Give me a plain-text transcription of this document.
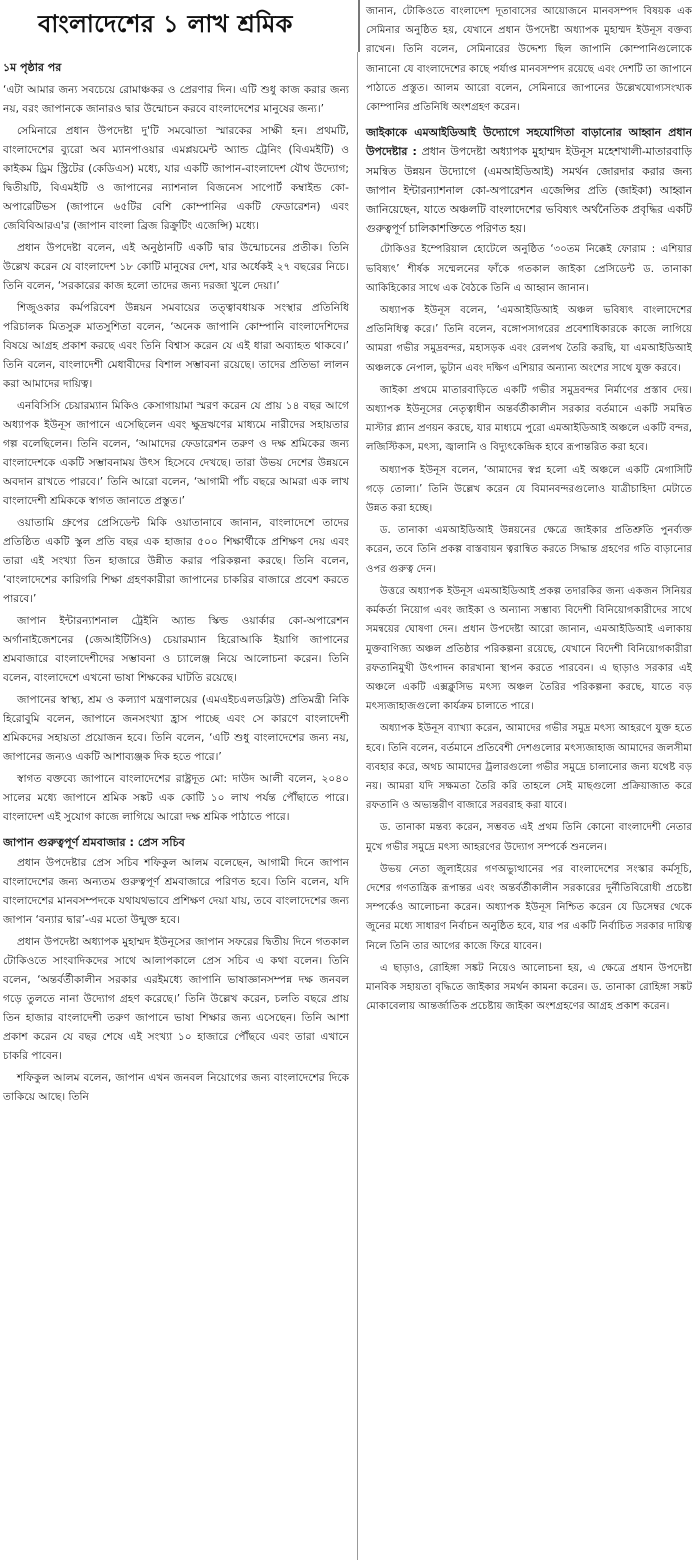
বাংলাদেশের ১ লাখ শ্রমিক

১ম পৃষ্ঠার পর

‘এটা আমার জন্য সবচেয়ে রোমাঞ্চকর ও প্রেরণার দিন। এটি শুধু কাজ করার জন্য নয়, বরং জাপানকে জানারও দ্বার উন্মোচন করবে বাংলাদেশের মানুষের জন্য।’

সেমিনারে প্রধান উপদেষ্টা দু'টি সমঝোতা স্মারকের সাক্ষী হন। প্রথমটি, বাংলাদেশের ব্যুরো অব ম্যানপাওয়ার এমপ্লয়মেন্ট অ্যান্ড ট্রেনিং (বিএমইটি) ও কাইকম ড্রিম স্ট্রিটের (কেডিএস) মধ্যে, যার একটি জাপান-বাংলাদেশ যৌথ উদ্যোগ; দ্বিতীয়টি, বিএমইটি ও জাপানের ন্যাশনাল বিজনেস সাপোর্ট কম্বাইন্ড কো-অপারেটিভস (জাপানে ৬৫টির বেশি কোম্পানির একটি ফেডারেশন) এবং জেবিবিআরএ'র (জাপান বাংলা ব্রিজ রিক্রুটিং এজেন্সি) মধ্যে।

প্রধান উপদেষ্টা বলেন, এই অনুষ্ঠানটি একটি দ্বার উন্মোচনের প্রতীক। তিনি উল্লেখ করেন যে বাংলাদেশ ১৮ কোটি মানুষের দেশ, যার অর্ধেকই ২৭ বছরের নিচে। তিনি বলেন, ‘সরকারের কাজ হলো তাদের জন্য দরজা খুলে দেয়া।’

শিজুওকার কর্মপরিবেশ উন্নয়ন সমবায়ের তত্ত্বাবধায়ক সংস্থার প্রতিনিধি পরিচালক মিতসুরু মাতসুশিতা বলেন, ‘অনেক জাপানি কোম্পানি বাংলাদেশিদের বিষয়ে আগ্রহ প্রকাশ করছে এবং তিনি বিশ্বাস করেন যে এই ধারা অব্যাহত থাকবে।’ তিনি বলেন, বাংলাদেশী মেধাবীদের বিশাল সম্ভাবনা রয়েছে। তাদের প্রতিভা লালন করা আমাদের দায়িত্ব।

এনবিসিসি চেয়ারম্যান মিকিও কেসাগায়ামা স্মরণ করেন যে প্রায় ১৪ বছর আগে অধ্যাপক ইউনূস জাপানে এসেছিলেন এবং ক্ষুদ্রঋণের মাধ্যমে নারীদের সহায়তার গল্প বলেছিলেন। তিনি বলেন, ‘আমাদের ফেডারেশন তরুণ ও দক্ষ শ্রমিকের জন্য বাংলাদেশকে একটি সম্ভাবনাময় উৎস হিসেবে দেখছে। তারা উভয় দেশের উন্নয়নে অবদান রাখতে পারবে।’ তিনি আরো বলেন, ‘আগামী পাঁচ বছরে আমরা এক লাখ বাংলাদেশী শ্রমিককে স্বাগত জানাতে প্রস্তুত।’

ওয়াতামি গ্রুপের প্রেসিডেন্ট মিকি ওয়াতানাবে জানান, বাংলাদেশে তাদের প্রতিষ্ঠিত একটি স্কুল প্রতি বছর এক হাজার ৫০০ শিক্ষার্থীকে প্রশিক্ষণ দেয় এবং তারা এই সংখ্যা তিন হাজারে উন্নীত করার পরিকল্পনা করছে। তিনি বলেন, ‘বাংলাদেশের কারিগরি শিক্ষা গ্রহণকারীরা জাপানের চাকরির বাজারে প্রবেশ করতে পারবে।’

জাপান ইন্টারন্যাশনাল ট্রেইনি অ্যান্ড স্কিল্ড ওয়ার্কার কো-অপারেশন অর্গানাইজেশনের (জেআইটিসিও) চেয়ারম্যান হিরোআকি ইয়াগি জাপানের শ্রমবাজারে বাংলাদেশীদের সম্ভাবনা ও চ্যালেঞ্জ নিয়ে আলোচনা করেন। তিনি বলেন, বাংলাদেশে এখনো ভাষা শিক্ষকের ঘাটতি রয়েছে।

জাপানের স্বাস্থ্য, শ্রম ও কল্যাণ মন্ত্রণালয়ের (এমএইচএলডব্লিউ) প্রতিমন্ত্রী নিকি হিরোবুমি বলেন, জাপানে জনসংখ্যা হ্রাস পাচ্ছে এবং সে কারণে বাংলাদেশী শ্রমিকদের সহায়তা প্রয়োজন হবে। তিনি বলেন, ‘এটি শুধু বাংলাদেশের জন্য নয়, জাপানের জন্যও একটি আশাব্যঞ্জক দিক হতে পারে।’

স্বাগত বক্তব্যে জাপানে বাংলাদেশের রাষ্ট্রদূত মো: দাউদ আলী বলেন, ২০৪০ সালের মধ্যে জাপানে শ্রমিক সঙ্কট এক কোটি ১০ লাখ পর্যন্ত পৌঁছাতে পারে। বাংলাদেশ এই সুযোগ কাজে লাগিয়ে আরো দক্ষ শ্রমিক পাঠাতে পারে।

জাপান গুরুত্বপূর্ণ শ্রমবাজার : প্রেস সচিব

প্রধান উপদেষ্টার প্রেস সচিব শফিকুল আলম বলেছেন, আগামী দিনে জাপান বাংলাদেশের জন্য অন্যতম গুরুত্বপূর্ণ শ্রমবাজারে পরিণত হবে। তিনি বলেন, যদি বাংলাদেশের মানবসম্পদকে যথাযথভাবে প্রশিক্ষণ দেয়া যায়, তবে বাংলাদেশের জন্য জাপান ‘বন্যার দ্বার’-এর মতো উন্মুক্ত হবে।

প্রধান উপদেষ্টা অধ্যাপক মুহাম্মদ ইউনূসের জাপান সফরের দ্বিতীয় দিনে গতকাল টোকিওতে সাংবাদিকদের সাথে আলাপকালে প্রেস সচিব এ কথা বলেন। তিনি বলেন, ‘অন্তর্বর্তীকালীন সরকার এরইমধ্যে জাপানি ভাষাজ্ঞানসম্পন্ন দক্ষ জনবল গড়ে তুলতে নানা উদ্যোগ গ্রহণ করেছে।’ তিনি উল্লেখ করেন, চলতি বছরে প্রায় তিন হাজার বাংলাদেশী তরুণ জাপানে ভাষা শিক্ষার জন্য এসেছেন। তিনি আশা প্রকাশ করেন যে বছর শেষে এই সংখ্যা ১০ হাজারে পৌঁছবে এবং তারা এখানে চাকরি পাবেন।

শফিকুল আলম বলেন, জাপান এখন জনবল নিয়োগের জন্য বাংলাদেশের দিকে তাকিয়ে আছে। তিনি

জানান, টোকিওতে বাংলাদেশ দূতাবাসের আয়োজনে মানবসম্পদ বিষয়ক এক সেমিনার অনুষ্ঠিত হয়, যেখানে প্রধান উপদেষ্টা অধ্যাপক মুহাম্মদ ইউনূস বক্তব্য রাখেন। তিনি বলেন, সেমিনারের উদ্দেশ্য ছিল জাপানি কোম্পানিগুলোকে জানানো যে বাংলাদেশের কাছে পর্যাপ্ত মানবসম্পদ রয়েছে এবং দেশটি তা জাপানে পাঠাতে প্রস্তুত। আলম আরো বলেন, সেমিনারে জাপানের উল্লেখযোগ্যসংখ্যক কোম্পানির প্রতিনিধি অংশগ্রহণ করেন।

জাইকাকে এমআইডিআই উদ্যোগে সহযোগিতা বাড়ানোর আহ্বান প্রধান উপদেষ্টার : প্রধান উপদেষ্টা অধ্যাপক মুহাম্মদ ইউনূস মহেশখালী-মাতারবাড়ি সমন্বিত উন্নয়ন উদ্যোগে (এমআইডিআই) সমর্থন জোরদার করার জন্য জাপান ইন্টারন্যাশনাল কো-অপারেশন এজেন্সির প্রতি (জাইকা) আহ্বান জানিয়েছেন, যাতে অঞ্চলটি বাংলাদেশের ভবিষ্যৎ অর্থনৈতিক প্রবৃদ্ধির একটি গুরুত্বপূর্ণ চালিকাশক্তিতে পরিণত হয়।

টোকিওর ইম্পেরিয়াল হোটেলে অনুষ্ঠিত ‘৩০তম নিক্কেই ফোরাম : এশিয়ার ভবিষ্যৎ’ শীর্ষক সম্মেলনের ফাঁকে গতকাল জাইকা প্রেসিডেন্ট ড. তানাকা আকিহিকোর সাথে এক বৈঠকে তিনি এ আহ্বান জানান।

অধ্যাপক ইউনূস বলেন, ‘এমআইডিআই অঞ্চল ভবিষ্যৎ বাংলাদেশের প্রতিনিধিত্ব করে।’ তিনি বলেন, বঙ্গোপসাগরের প্রবেশাধিকারকে কাজে লাগিয়ে আমরা গভীর সমুদ্রবন্দর, মহাসড়ক এবং রেলপথ তৈরি করছি, যা এমআইডিআই অঞ্চলকে নেপাল, ভুটান এবং দক্ষিণ এশিয়ার অন্যান্য অংশের সাথে যুক্ত করবে।

জাইকা প্রথমে মাতারবাড়িতে একটি গভীর সমুদ্রবন্দর নির্মাণের প্রস্তাব দেয়। অধ্যাপক ইউনূসের নেতৃত্বাধীন অন্তর্বর্তীকালীন সরকার বর্তমানে একটি সমন্বিত মাস্টার প্ল্যান প্রণয়ন করছে, যার মাধ্যমে পুরো এমআইডিআই অঞ্চলে একটি বন্দর, লজিস্টিকস, মৎস্য, জ্বালানি ও বিদ্যুৎকেন্দ্রিক হাবে রূপান্তরিত করা হবে।

অধ্যাপক ইউনূস বলেন, ‘আমাদের স্বপ্ন হলো এই অঞ্চলে একটি মেগাসিটি গড়ে তোলা।’ তিনি উল্লেখ করেন যে বিমানবন্দরগুলোও যাত্রীচাহিদা মেটাতে উন্নত করা হচ্ছে।

ড. তানাকা এমআইডিআই উন্নয়নের ক্ষেত্রে জাইকার প্রতিশ্রুতি পুনর্ব্যক্ত করেন, তবে তিনি প্রকল্প বাস্তবায়ন ত্বরান্বিত করতে সিদ্ধান্ত গ্রহণের গতি বাড়ানোর ওপর গুরুত্ব দেন।

উত্তরে অধ্যাপক ইউনূস এমআইডিআই প্রকল্প তদারকির জন্য একজন সিনিয়র কর্মকর্তা নিয়োগ এবং জাইকা ও অন্যান্য সম্ভাব্য বিদেশী বিনিয়োগকারীদের সাথে সমন্বয়ের ঘোষণা দেন। প্রধান উপদেষ্টা আরো জানান, এমআইডিআই এলাকায় মুক্তবাণিজ্য অঞ্চল প্রতিষ্ঠার পরিকল্পনা রয়েছে, যেখানে বিদেশী বিনিয়োগকারীরা রফতানিমুখী উৎপাদন কারখানা স্থাপন করতে পারবেন। এ ছাড়াও সরকার এই অঞ্চলে একটি এক্সক্লুসিভ মৎস্য অঞ্চল তৈরির পরিকল্পনা করছে, যাতে বড় মৎস্যজাহাজগুলো কার্যক্রম চালাতে পারে।

অধ্যাপক ইউনূস ব্যাখ্যা করেন, আমাদের গভীর সমুদ্র মৎস্য আহরণে যুক্ত হতে হবে। তিনি বলেন, বর্তমানে প্রতিবেশী দেশগুলোর মৎস্যজাহাজ আমাদের জলসীমা ব্যবহার করে, অথচ আমাদের ট্রলারগুলো গভীর সমুদ্রে চালানোর জন্য যথেষ্ট বড় নয়। আমরা যদি সক্ষমতা তৈরি করি তাহলে সেই মাছগুলো প্রক্রিয়াজাত করে রফতানি ও অভ্যন্তরীণ বাজারে সরবরাহ করা যাবে।

ড. তানাকা মন্তব্য করেন, সম্ভবত এই প্রথম তিনি কোনো বাংলাদেশী নেতার মুখে গভীর সমুদ্রে মৎস্য আহরণের উদ্যোগ সম্পর্কে শুনলেন।

উভয় নেতা জুলাইয়ের গণঅভ্যুত্থানের পর বাংলাদেশের সংস্কার কর্মসূচি, দেশের গণতান্ত্রিক রূপান্তর এবং অন্তর্বর্তীকালীন সরকারের দুর্নীতিবিরোধী প্রচেষ্টা সম্পর্কেও আলোচনা করেন। অধ্যাপক ইউনূস নিশ্চিত করেন যে ডিসেম্বর থেকে জুনের মধ্যে সাধারণ নির্বাচন অনুষ্ঠিত হবে, যার পর একটি নির্বাচিত সরকার দায়িত্ব নিলে তিনি তার আগের কাজে ফিরে যাবেন।

এ ছাড়াও, রোহিঙ্গা সঙ্কট নিয়েও আলোচনা হয়, এ ক্ষেত্রে প্রধান উপদেষ্টা মানবিক সহায়তা বৃদ্ধিতে জাইকার সমর্থন কামনা করেন। ড. তানাকা রোহিঙ্গা সঙ্কট মোকাবেলায় আন্তর্জাতিক প্রচেষ্টায় জাইকা অংশগ্রহণের আগ্রহ প্রকাশ করেন।
